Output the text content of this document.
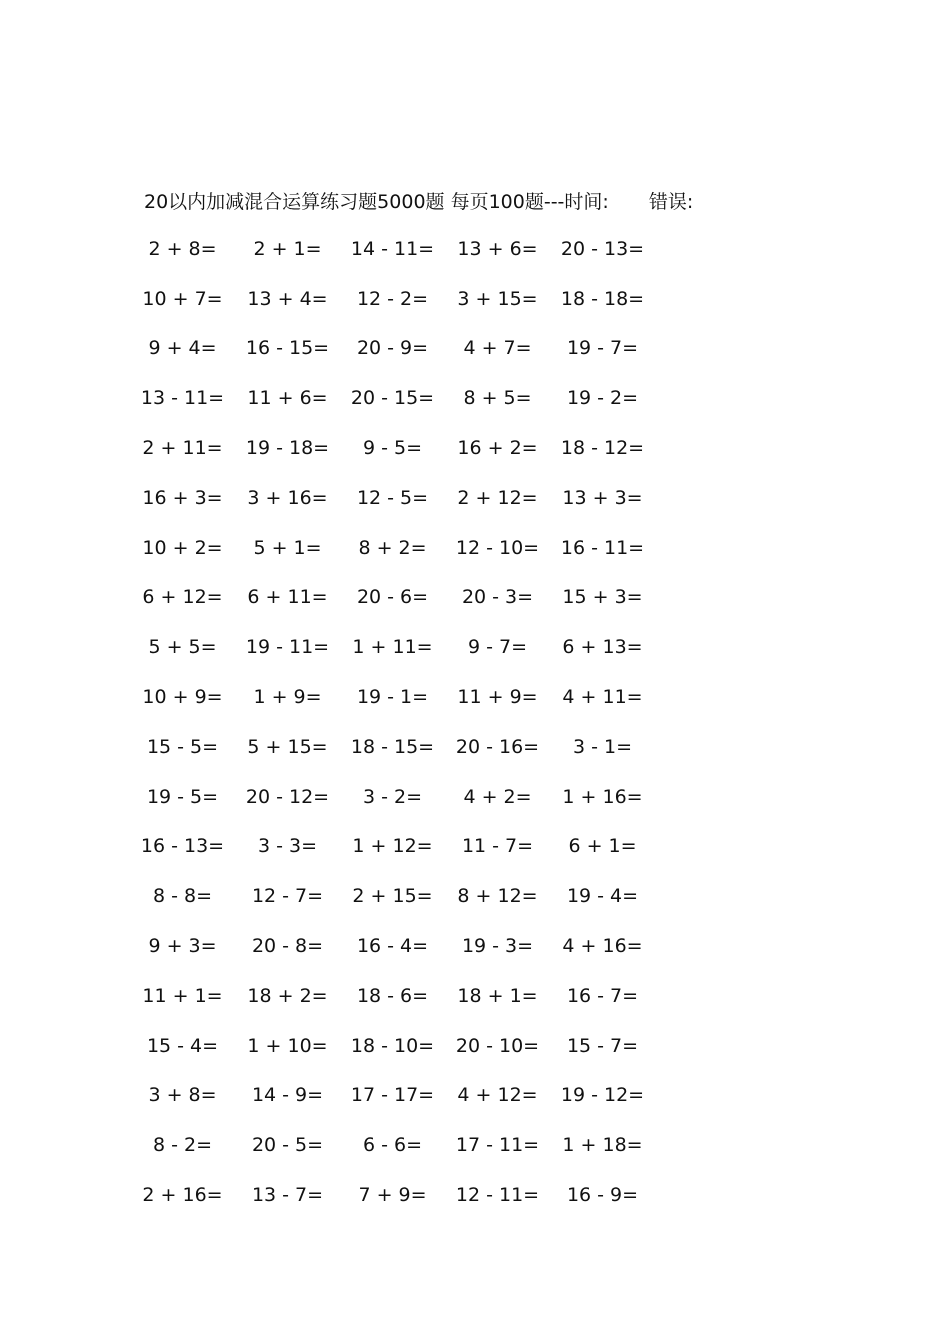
20以内加减混合运算练习题5000题 每页100题---时间: 错误:
2 + 8=	2 + 1=	14 - 11=	13 + 6=	20 - 13=
10 + 7=	13 + 4=	12 - 2=	3 + 15=	18 - 18=
9 + 4=	16 - 15=	20 - 9=	4 + 7=	19 - 7=
13 - 11=	11 + 6=	20 - 15=	8 + 5=	19 - 2=
2 + 11=	19 - 18=	9 - 5=	16 + 2=	18 - 12=
16 + 3=	3 + 16=	12 - 5=	2 + 12=	13 + 3=
10 + 2=	5 + 1=	8 + 2=	12 - 10=	16 - 11=
6 + 12=	6 + 11=	20 - 6=	20 - 3=	15 + 3=
5 + 5=	19 - 11=	1 + 11=	9 - 7=	6 + 13=
10 + 9=	1 + 9=	19 - 1=	11 + 9=	4 + 11=
15 - 5=	5 + 15=	18 - 15=	20 - 16=	3 - 1=
19 - 5=	20 - 12=	3 - 2=	4 + 2=	1 + 16=
16 - 13=	3 - 3=	1 + 12=	11 - 7=	6 + 1=
8 - 8=	12 - 7=	2 + 15=	8 + 12=	19 - 4=
9 + 3=	20 - 8=	16 - 4=	19 - 3=	4 + 16=
11 + 1=	18 + 2=	18 - 6=	18 + 1=	16 - 7=
15 - 4=	1 + 10=	18 - 10=	20 - 10=	15 - 7=
3 + 8=	14 - 9=	17 - 17=	4 + 12=	19 - 12=
8 - 2=	20 - 5=	6 - 6=	17 - 11=	1 + 18=
2 + 16=	13 - 7=	7 + 9=	12 - 11=	16 - 9=
